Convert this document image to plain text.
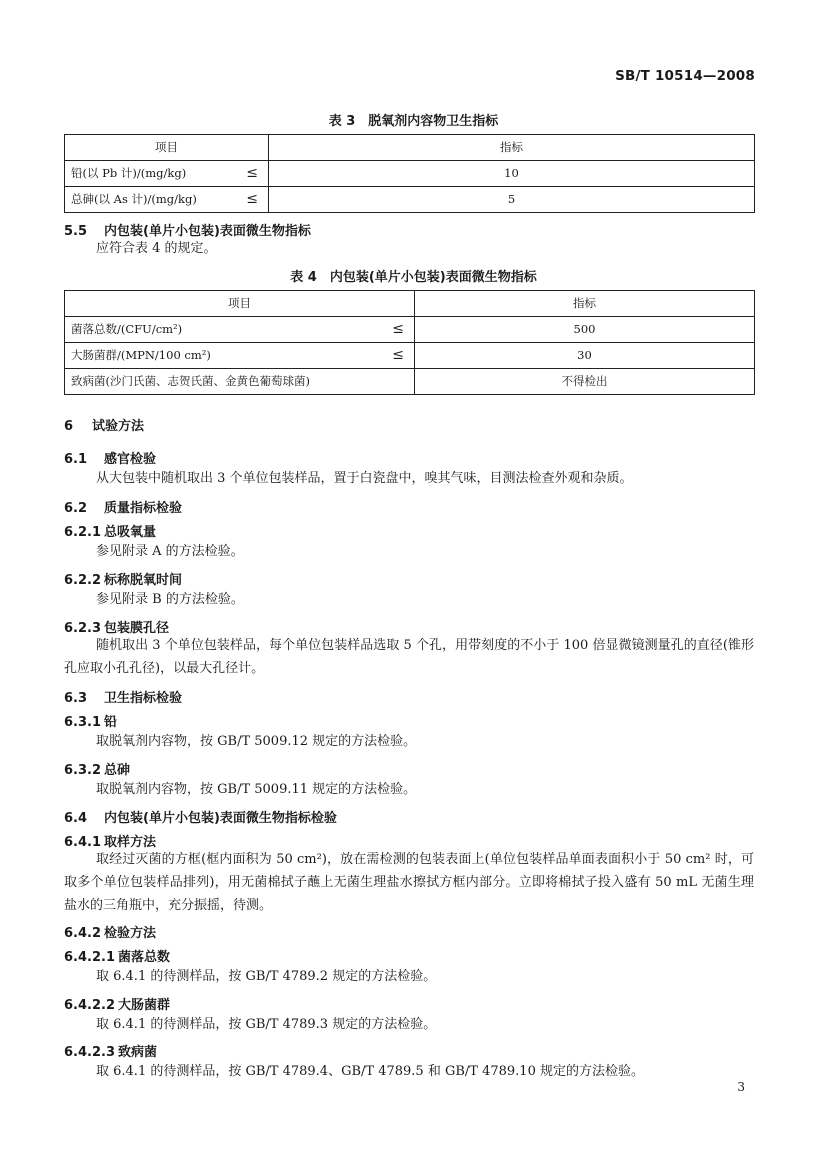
SB/T 10514—2008
表 3　脱氧剂内容物卫生指标
项目	指标

铅(以 Pb 计)/(mg/kg) ≤	10

总砷(以 As 计)/(mg/kg) ≤	5
5.5 内包装(单片小包装)表面微生物指标
应符合表 4 的规定。
表 4　内包装(单片小包装)表面微生物指标
项目	指标

菌落总数/(CFU/cm²) ≤	500

大肠菌群/(MPN/100 cm²) ≤	30

致病菌(沙门氏菌、志贺氏菌、金黄色葡萄球菌)	不得检出
6 试验方法
6.1 感官检验
从大包装中随机取出 3 个单位包装样品，置于白瓷盘中，嗅其气味，目测法检查外观和杂质。
6.2 质量指标检验
6.2.1 总吸氧量
参见附录 A 的方法检验。
6.2.2 标称脱氧时间
参见附录 B 的方法检验。
6.2.3 包装膜孔径
随机取出 3 个单位包装样品，每个单位包装样品选取 5 个孔，用带刻度的不小于 100 倍显微镜测量孔的直径(锥形孔应取小孔孔径)，以最大孔径计。
6.3 卫生指标检验
6.3.1 铅
取脱氧剂内容物，按 GB/T 5009.12 规定的方法检验。
6.3.2 总砷
取脱氧剂内容物，按 GB/T 5009.11 规定的方法检验。
6.4 内包装(单片小包装)表面微生物指标检验
6.4.1 取样方法
取经过灭菌的方框(框内面积为 50 cm²)，放在需检测的包装表面上(单位包装样品单面表面积小于 50 cm² 时，可取多个单位包装样品排列)，用无菌棉拭子蘸上无菌生理盐水擦拭方框内部分。立即将棉拭子投入盛有 50 mL 无菌生理盐水的三角瓶中，充分振摇，待测。
6.4.2 检验方法
6.4.2.1 菌落总数
取 6.4.1 的待测样品，按 GB/T 4789.2 规定的方法检验。
6.4.2.2 大肠菌群
取 6.4.1 的待测样品，按 GB/T 4789.3 规定的方法检验。
6.4.2.3 致病菌
取 6.4.1 的待测样品，按 GB/T 4789.4、GB/T 4789.5 和 GB/T 4789.10 规定的方法检验。
3
